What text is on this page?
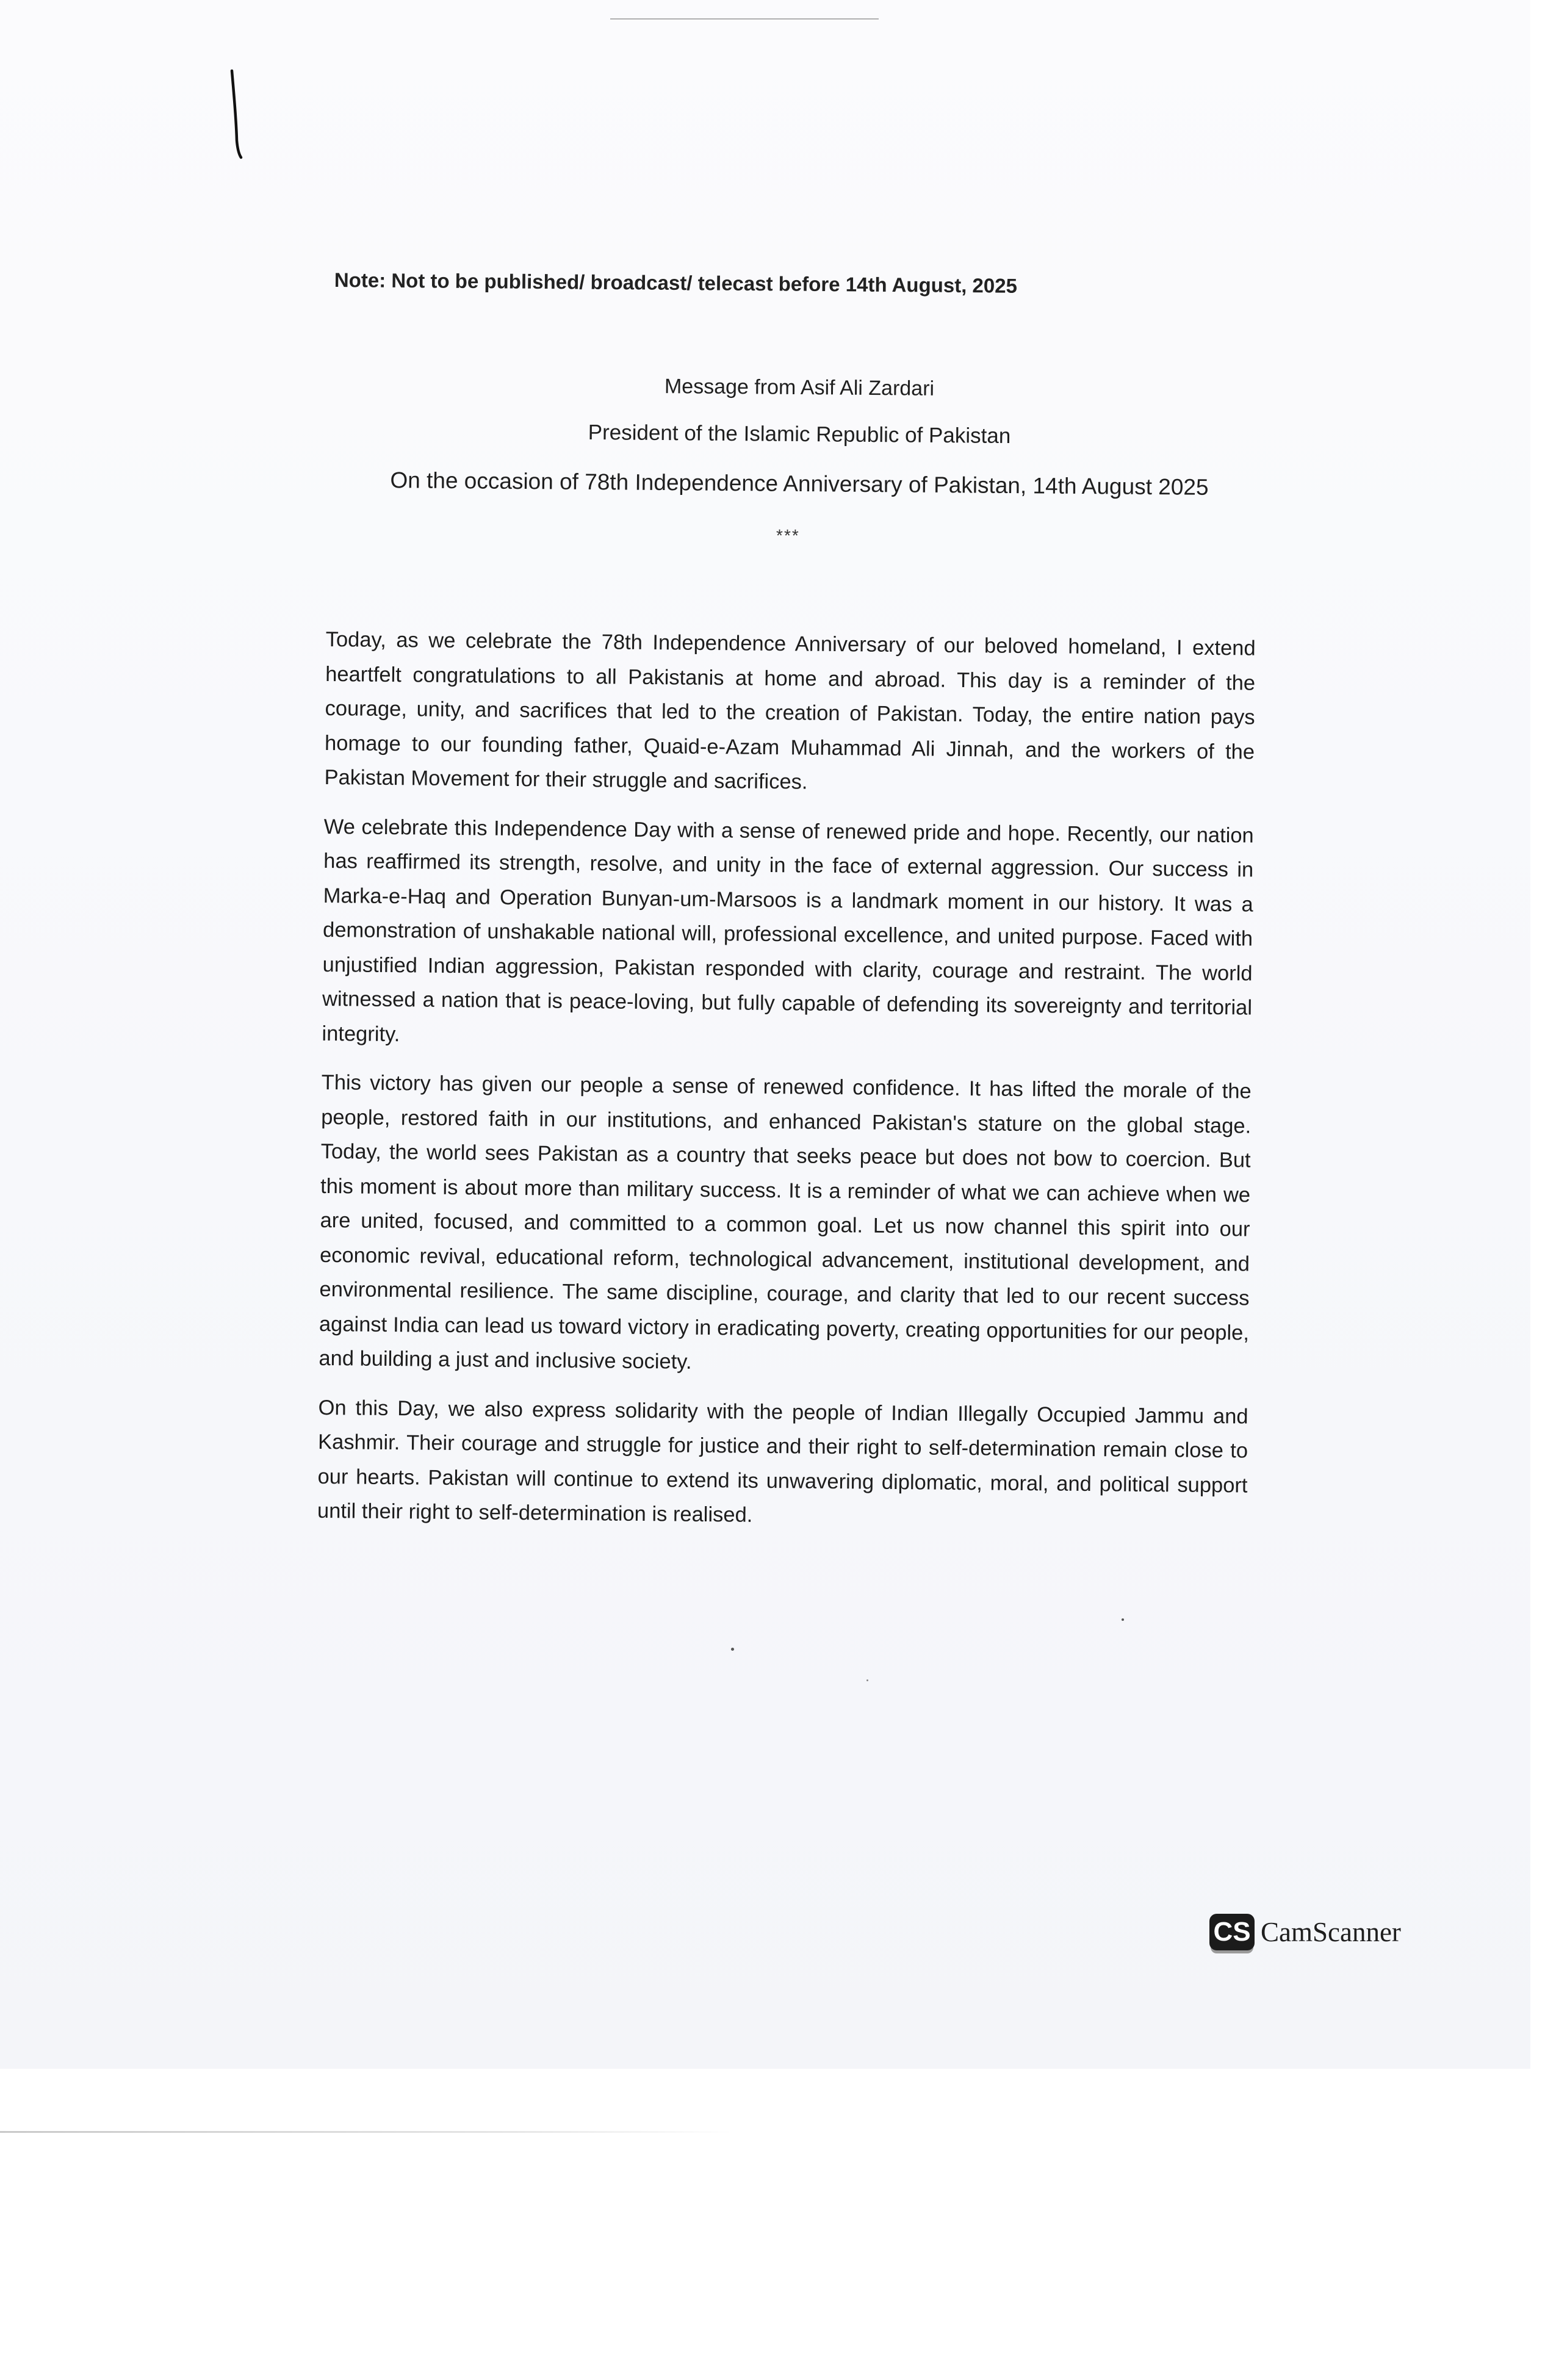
Note: Not to be published/ broadcast/ telecast before 14th August, 2025
Message from Asif Ali Zardari
President of the Islamic Republic of Pakistan
On the occasion of 78th Independence Anniversary of Pakistan, 14th August 2025
***

Today, as we celebrate the 78th Independence Anniversary of our beloved homeland, I extend heartfelt congratulations to all Pakistanis at home and abroad. This day is a reminder of the courage, unity, and sacrifices that led to the creation of Pakistan. Today, the entire nation pays homage to our founding father, Quaid-e-Azam Muhammad Ali Jinnah, and the workers of the Pakistan Movement for their struggle and sacrifices.

We celebrate this Independence Day with a sense of renewed pride and hope. Recently, our nation has reaffirmed its strength, resolve, and unity in the face of external aggression. Our success in Marka-e-Haq and Operation Bunyan-um-Marsoos is a landmark moment in our history. It was a demonstration of unshakable national will, professional excellence, and united purpose. Faced with unjustified Indian aggression, Pakistan responded with clarity, courage and restraint. The world witnessed a nation that is peace-loving, but fully capable of defending its sovereignty and territorial integrity.

This victory has given our people a sense of renewed confidence. It has lifted the morale of the people, restored faith in our institutions, and enhanced Pakistan's stature on the global stage. Today, the world sees Pakistan as a country that seeks peace but does not bow to coercion. But this moment is about more than military success. It is a reminder of what we can achieve when we are united, focused, and committed to a common goal. Let us now channel this spirit into our economic revival, educational reform, technological advancement, institutional development, and environmental resilience. The same discipline, courage, and clarity that led to our recent success against India can lead us toward victory in eradicating poverty, creating opportunities for our people, and building a just and inclusive society.

On this Day, we also express solidarity with the people of Indian Illegally Occupied Jammu and Kashmir. Their courage and struggle for justice and their right to self-determination remain close to our hearts. Pakistan will continue to extend its unwavering diplomatic, moral, and political support until their right to self-determination is realised.

CS CamScanner
